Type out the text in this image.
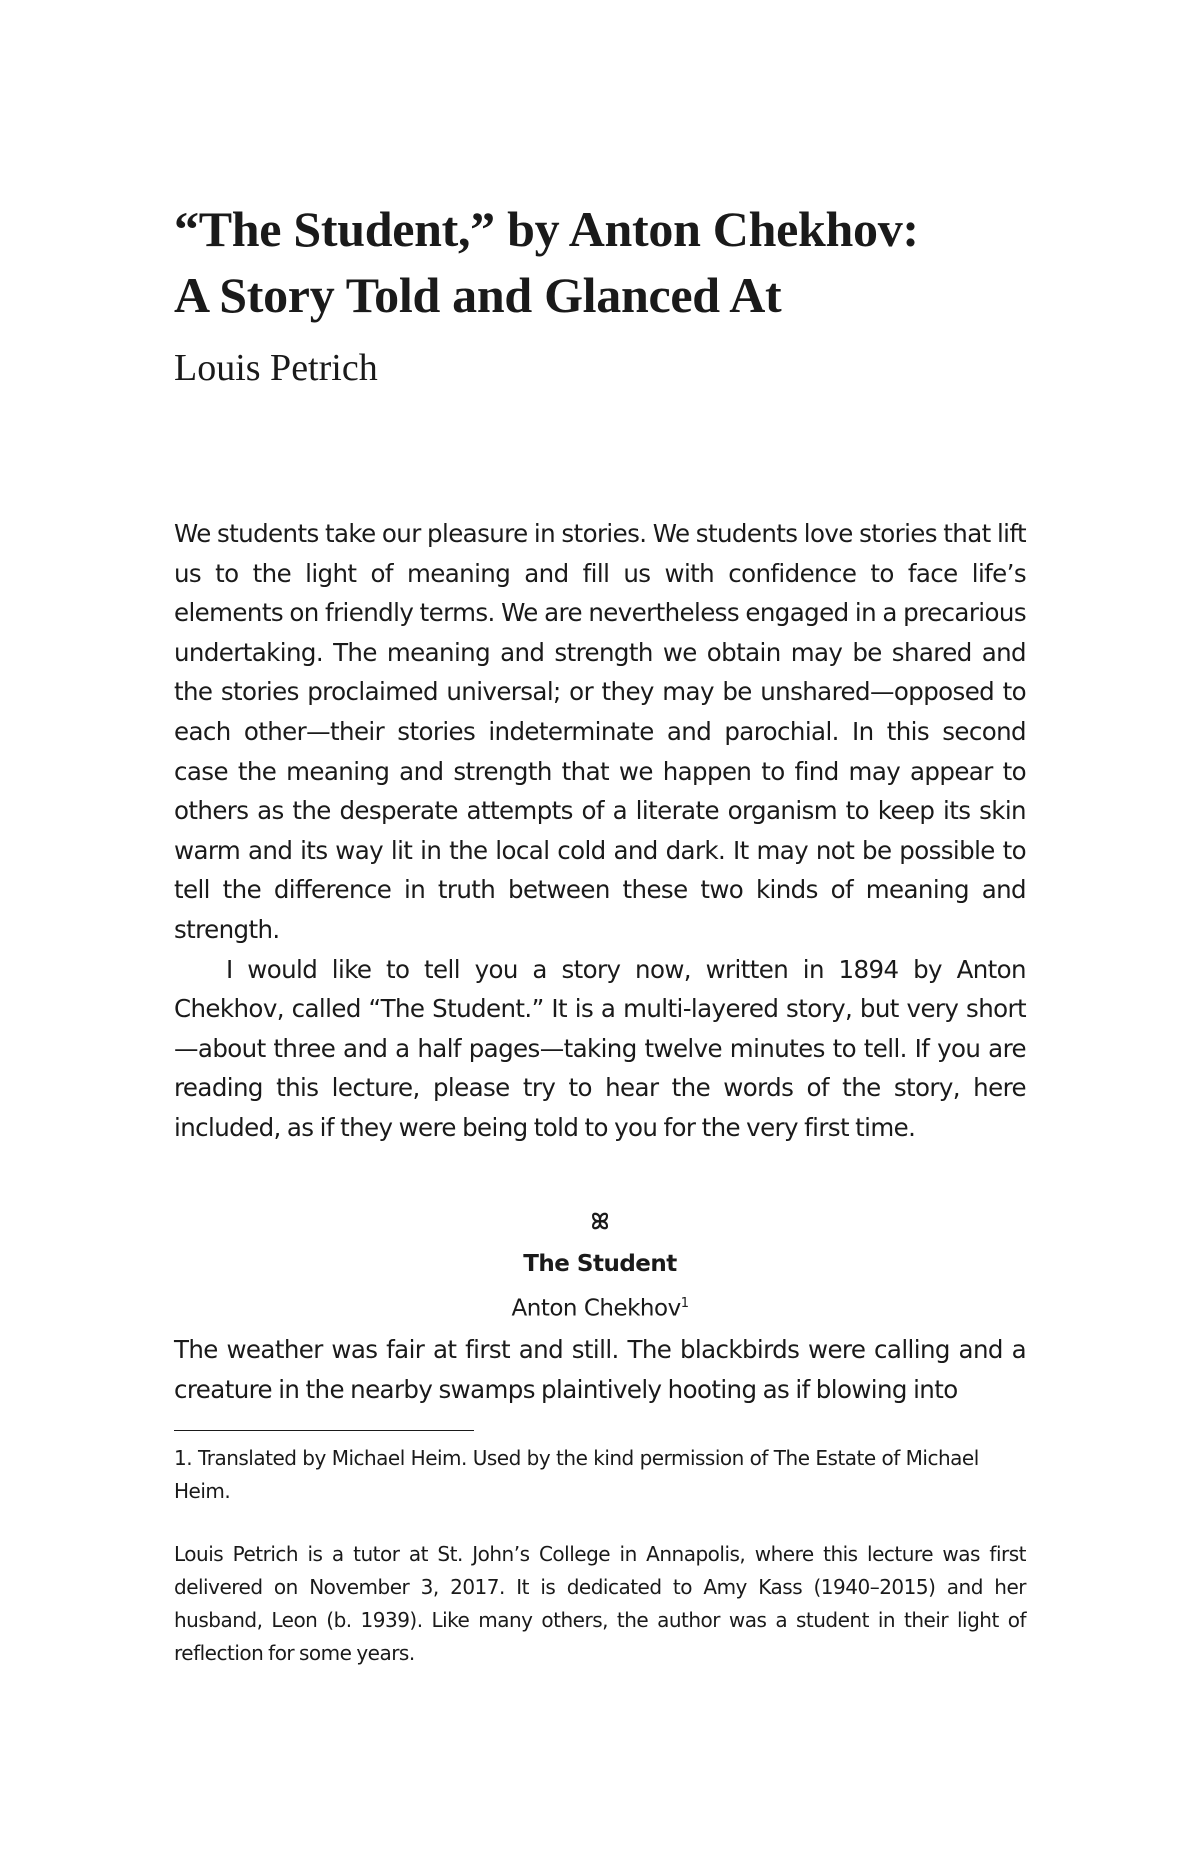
“The Student,” by Anton Chekhov:
A Story Told and Glanced At
Louis Petrich

We students take our pleasure in stories. We students love stories that lift us to the light of meaning and fill us with confidence to face life’s elements on friendly terms. We are nevertheless engaged in a precarious undertaking. The meaning and strength we obtain may be shared and the stories proclaimed universal; or they may be unshared—opposed to each other—their stories indeterminate and parochial. In this second case the meaning and strength that we happen to find may appear to others as the desperate attempts of a literate organism to keep its skin warm and its way lit in the local cold and dark. It may not be possible to tell the difference in truth between these two kinds of meaning and strength.

I would like to tell you a story now, written in 1894 by Anton Chekhov, called “The Student.” It is a multi-layered story, but very short—about three and a half pages—taking twelve minutes to tell. If you are reading this lecture, please try to hear the words of the story, here included, as if they were being told to you for the very first time.

ꕤ
The Student
Anton Chekhov$^1$

The weather was fair at first and still. The blackbirds were calling and a creature in the nearby swamps plaintively hooting as if blowing into

1. Translated by Michael Heim. Used by the kind permission of The Estate of Michael Heim.

Louis Petrich is a tutor at St. John’s College in Annapolis, where this lecture was first delivered on November 3, 2017. It is dedicated to Amy Kass (1940–2015) and her husband, Leon (b. 1939). Like many others, the author was a student in their light of reflection for some years.
